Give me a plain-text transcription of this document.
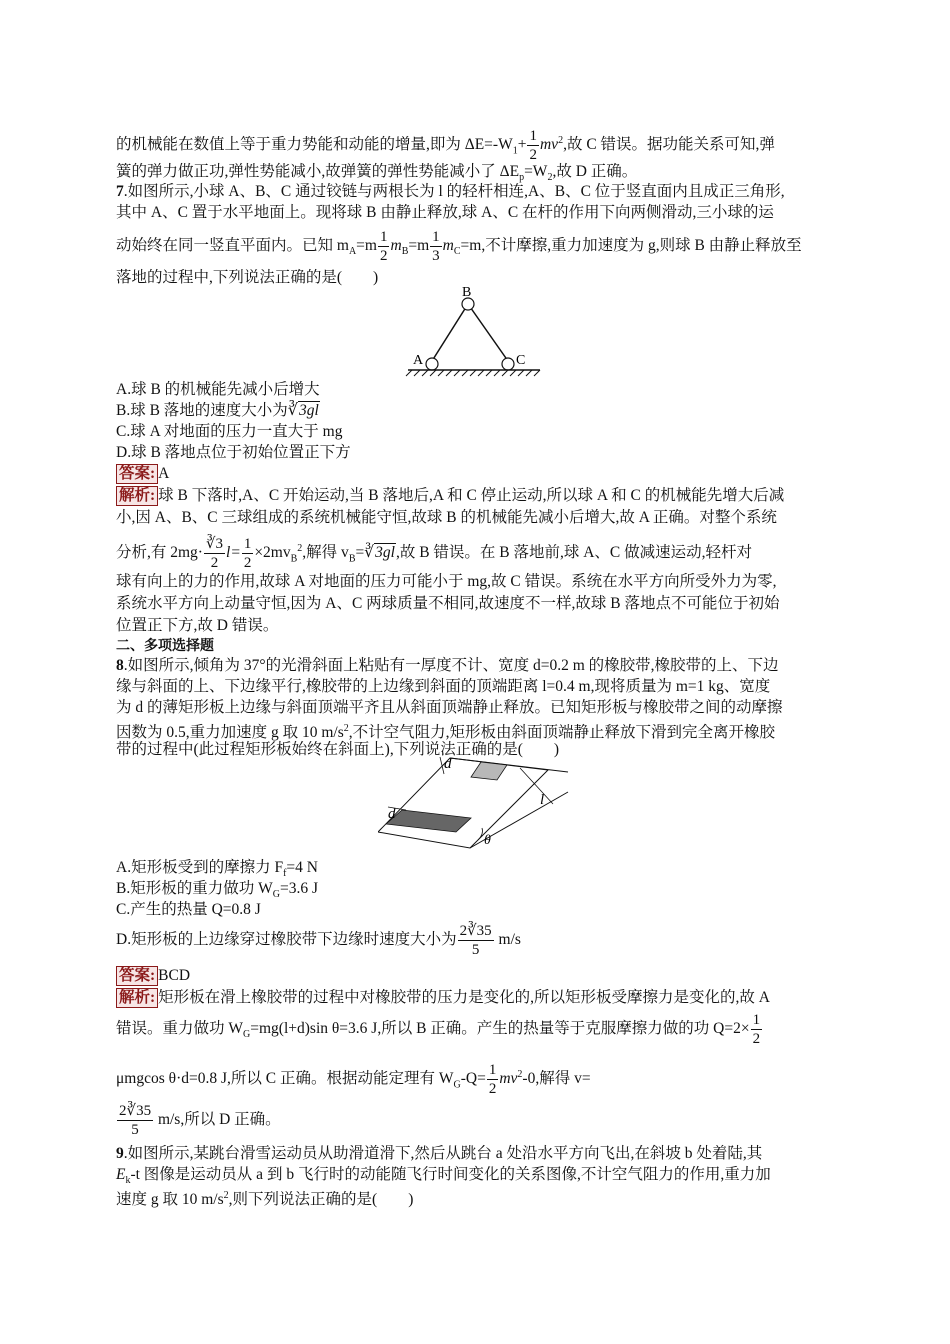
的机械能在数值上等于重力势能和动能的增量,即为 $\Delta E=-W_1+ \frac{1}{2} mv^2$,故 C 错误。据功能关系可知,弹
簧的弹力做正功,弹性势能减小,故弹簧的弹性势能减小了 $\Delta E_p=W_2$,故 D 正确。
7.如图所示,小球 A、B、C 通过铰链与两根长为 l 的轻杆相连,A、B、C 位于竖直面内且成正三角形,
其中 A、C 置于水平地面上。现将球 B 由静止释放,球 A、C 在杆的作用下向两侧滑动,三小球的运
动始终在同一竖直平面内。已知 $m_A=m \frac{1}{2} m_B=m \frac{1}{3} m_C=m$,不计摩擦,重力加速度为 g,则球 B 由静止释放至
落地的过程中,下列说法正确的是(　　)
B
A	C
A.球 B 的机械能先减小后增大
B.球 B 落地的速度大小为∛3gl
C.球 A 对地面的压力一直大于 mg
D.球 B 落地点位于初始位置正下方
答案: A
解析: 球 B 下落时,A、C 开始运动,当 B 落地后,A 和 C 停止运动,所以球 A 和 C 的机械能先增大后减
小,因 A、B、C 三球组成的系统机械能守恒,故球 B 的机械能先减小后增大,故 A 正确。对整个系统
分析,有 $2mg\cdot \frac{∛3}{2} l= \frac{1}{2} \times 2mv_B^2$,解得 $v_B=∛3gl$,故 B 错误。在 B 落地前,球 A、C 做减速运动,轻杆对
球有向上的力的作用,故球 A 对地面的压力可能小于 mg,故 C 错误。系统在水平方向所受外力为零,
系统水平方向上动量守恒,因为 A、C 两球质量不相同,故速度不一样,故球 B 落地点不可能位于初始
位置正下方,故 D 错误。
二、多项选择题
8.如图所示,倾角为 37°的光滑斜面上粘贴有一厚度不计、宽度 d=0.2 m 的橡胶带,橡胶带的上、下边
缘与斜面的上、下边缘平行,橡胶带的上边缘到斜面的顶端距离 l=0.4 m,现将质量为 m=1 kg、宽度
为 d 的薄矩形板上边缘与斜面顶端平齐且从斜面顶端静止释放。已知矩形板与橡胶带之间的动摩擦
因数为 0.5,重力加速度 g 取 10 $m/s^2$,不计空气阻力,矩形板由斜面顶端静止释放下滑到完全离开橡胶
带的过程中(此过程矩形板始终在斜面上),下列说法正确的是(　　)
d
d
l
θ
A.矩形板受到的摩擦力 $F_f=4$ N
B.矩形板的重力做功 $W_G=3.6$ J
C.产生的热量 Q=0.8 J
D.矩形板的上边缘穿过橡胶带下边缘时速度大小为 $\frac{2∛35}{5} m/s$
答案: BCD
解析: 矩形板在滑上橡胶带的过程中对橡胶带的压力是变化的,所以矩形板受摩擦力是变化的,故 A
错误。重力做功 $W_G=mg(l+d)\sin$ θ=3.6 J,所以 B 正确。产生的热量等于克服摩擦力做的功 $Q=2\times \frac{1}{2}$
μmgcos θ·d=0.8 J,所以 C 正确。根据动能定理有 $W_G-Q= \frac{1}{2} mv^2-0$,解得 v=
$\frac{2∛35}{5} m/s$,所以 D 正确。
9.如图所示,某跳台滑雪运动员从助滑道滑下,然后从跳台 a 处沿水平方向飞出,在斜坡 b 处着陆,其
$E_k-t$ 图像是运动员从 a 到 b 飞行时的动能随飞行时间变化的关系图像,不计空气阻力的作用,重力加
速度 g 取 10 $m/s^2$,则下列说法正确的是(　　)
